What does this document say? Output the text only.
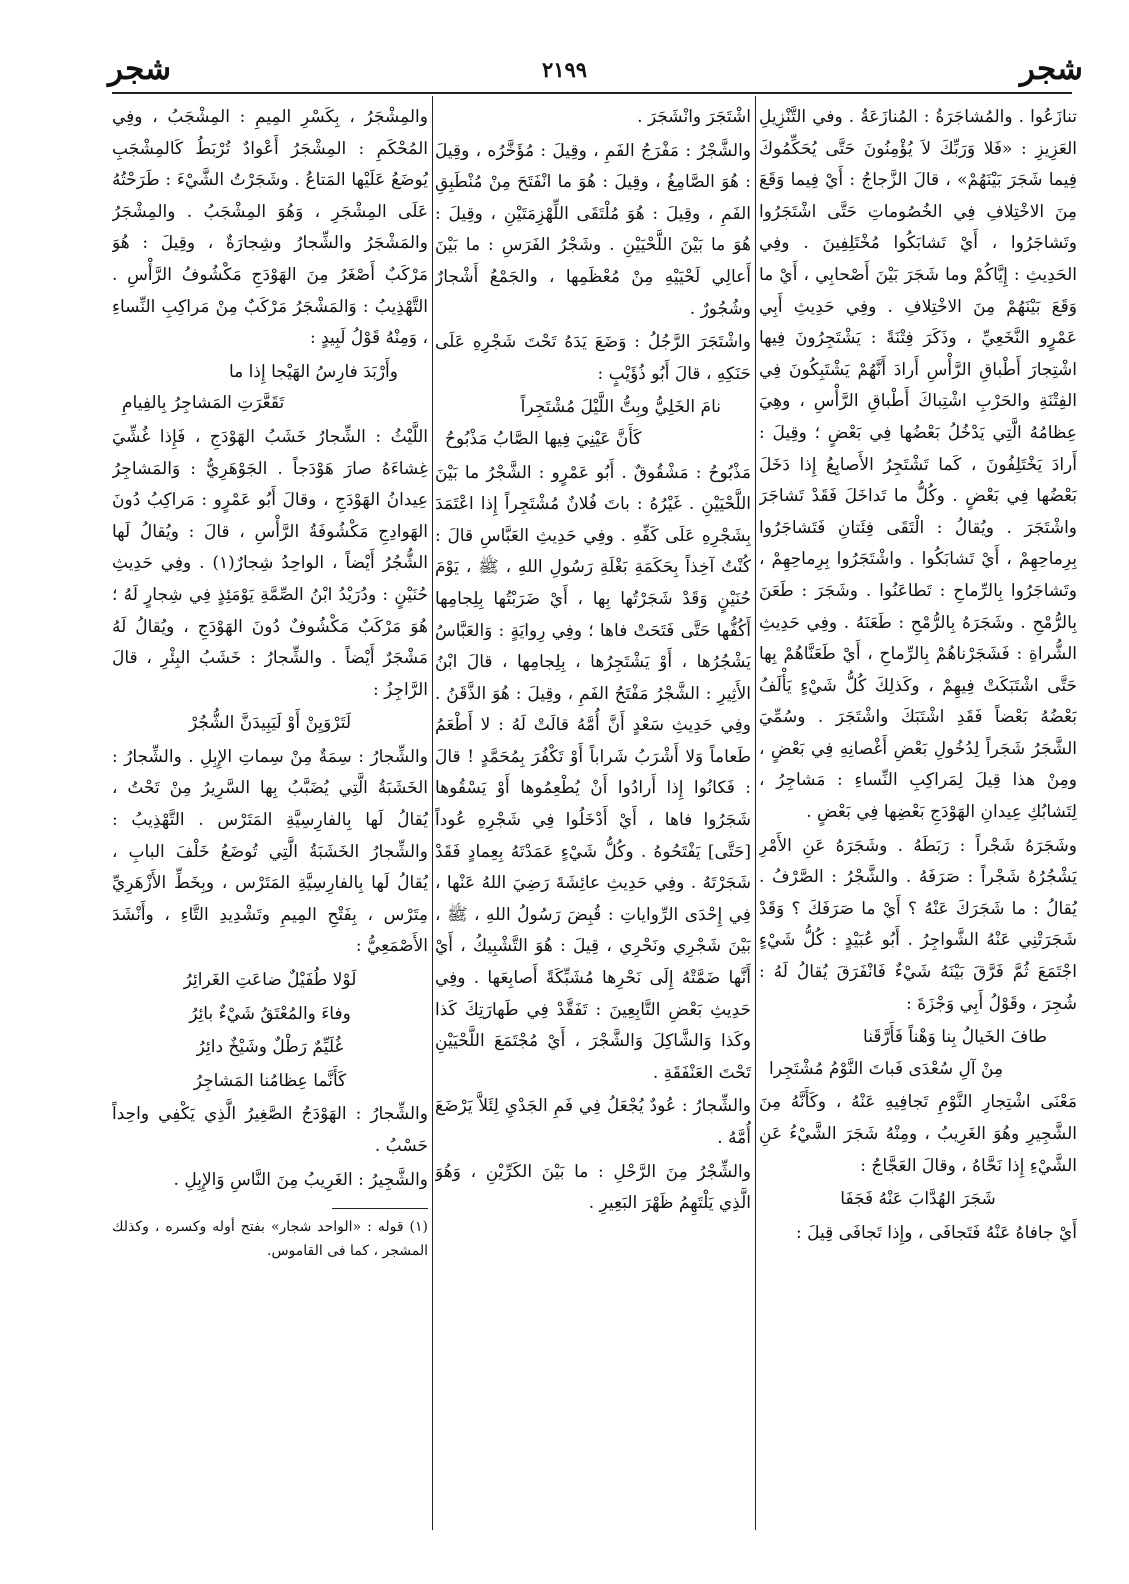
شجر
٢١٩٩
شجر

تنازَعُوا . والمُشاجَرَةُ : المُنازَعَةُ . وفي التَّنْزِيلِ العَزِيزِ : «فَلا وَرَبِّكَ لاَ يُؤْمِنُونَ حَتَّى يُحَكِّمُوكَ فِيما شَجَرَ بَيْنَهُمْ» ، قالَ الزَّجاجُ : أَيْ فِيما وَقَعَ مِنَ الاخْتِلافِ فِي الخُصُوماتِ حَتَّى اشْتَجَرُوا وتَشاجَرُوا ، أَيْ تَشابَكُوا مُخْتَلِفِينَ . وفِي الحَدِيثِ : إِيَّاكُمْ وما شَجَرَ بَيْنَ أَصْحابِي ، أَيْ ما وَقَعَ بَيْنَهُمْ مِنَ الاخْتِلافِ . وفِي حَدِيثِ أَبِي عَمْرٍو النَّخَعِيِّ ، وذَكَرَ فِتْنَةً : يَشْتَجِرُونَ فِيها اشْتِجارَ أَطْباقِ الرَّأْسِ أَرادَ أَنَّهُمْ يَشْتَبِكُونَ فِي الفِتْنَةِ والحَرْبِ اشْتِباكَ أَطْباقِ الرَّأْسِ ، وهِيَ عِظامُهُ الَّتِي يَدْخُلُ بَعْضُها فِي بَعْضٍ ؛ وقِيلَ : أَرادَ يَخْتَلِفُونَ ، كَما تَشْتَجِرُ الأَصابِعُ إِذا دَخَلَ بَعْضُها فِي بَعْضٍ . وكُلُّ ما تَداخَلَ فَقَدْ تَشاجَرَ واشْتَجَرَ . ويُقالُ : الْتَقَى فِئَتانِ فَتَشاجَرُوا بِرِماحِهِمْ ، أَيْ تَشابَكُوا . واشْتَجَرُوا بِرِماحِهِمْ ، وتَشاجَرُوا بِالرِّماحِ : تَطاعَنُوا . وشَجَرَ : طَعَنَ بِالرُّمْحِ . وشَجَرَهُ بِالرُّمْحِ : طَعَنَهُ . وفِي حَدِيثِ الشُّراةِ : فَشَجَرْناهُمْ بِالرِّماحِ ، أَيْ طَعَنَّاهُمْ بِها حَتَّى اشْتَبَكَتْ فِيهِمْ ، وكَذلِكَ كُلُّ شَيْءٍ يَأْلَفُ بَعْضُهُ بَعْضاً فَقَدِ اشْتَبَكَ واشْتَجَرَ . وسُمِّيَ الشَّجَرُ شَجَراً لِدُخُولِ بَعْضِ أَغْصانِهِ فِي بَعْضٍ ، ومِنْ هذا قِيلَ لِمَراكِبِ النِّساءِ : مَشاجِرُ ، لِتَشابُكِ عِيدانِ الهَوْدَجِ بَعْضِها فِي بَعْضٍ .

وشَجَرَهُ شَجْراً : رَبَطَهُ . وشَجَرَهُ عَنِ الأَمْرِ يَشْجُرُهُ شَجْراً : صَرَفَهُ . والشَّجْرُ : الصَّرْفُ . يُقالُ : ما شَجَرَكَ عَنْهُ ؟ أَيْ ما صَرَفَكَ ؟ وَقَدْ شَجَرَتْنِي عَنْهُ الشَّواجِرُ . أَبُو عُبَيْدٍ : كُلُّ شَيْءٍ اجْتَمَعَ ثُمَّ فَرَّقَ بَيْنَهُ شَيْءٌ فَانْفَرَقَ يُقالُ لَهُ : شُجِرَ ، وقَوْلُ أَبِي وَجْزَةَ :

طافَ الخَيالُ بِنا وَهْناً فَأَرَّقَنا
مِنْ آلِ سُعْدَى فَباتَ النَّوْمُ مُشْتَجِرا

مَعْنَى اشْتِجارِ النَّوْمِ تَجافِيهِ عَنْهُ ، وكَأَنَّهُ مِنَ الشَّجِيرِ وهُوَ الغَرِيبُ ، ومِنْهُ شَجَرَ الشَّيْءُ عَنِ الشَّيْءِ إِذا نَحَّاهُ ، وقالَ العَجَّاجُ :

شَجَرَ الهُدَّابَ عَنْهُ فَجَفَا

أَيْ جافاهُ عَنْهُ فَتَجافَى ، وإِذا تَجافَى قِيلَ :

اشْتَجَرَ وانْشَجَرَ .

والشَّجْرُ : مَفْرَجُ الفَمِ ، وقِيلَ : مُؤَخَّرُه ، وقِيلَ : هُوَ الصَّامِغُ ، وقِيلَ : هُوَ ما انْفَتَحَ مِنْ مُنْطَبِقِ الفَمِ ، وقِيلَ : هُوَ مُلْتَقَى اللِّهْزِمَتَيْنِ ، وقِيلَ : هُوَ ما بَيْنَ اللَّحْيَيْنِ . وشَجْرُ الفَرَسِ : ما بَيْنَ أَعالِي لَحْيَيْهِ مِنْ مُعْظَمِها ، والجَمْعُ أَشْجارٌ وشُجُورٌ .

واشْتَجَرَ الرَّجُلُ : وَضَعَ يَدَهُ تَحْتَ شَجْرِهِ عَلَى حَنَكِهِ ، قالَ أَبُو ذُؤَيْبٍ :

نامَ الخَلِيُّ وبِتُّ اللَّيْلَ مُشْتَجِراً
كَأَنَّ عَيْنِيَ فِيها الصَّابُ مَذْبُوحُ

مَذْبُوحُ : مَشْقُوقٌ . أَبُو عَمْرٍو : الشَّجْرُ ما بَيْنَ اللَّحْيَيْنِ . غَيْرُهُ : باتَ فُلانٌ مُشْتَجِراً إِذا اعْتَمَدَ بِشَجْرِهِ عَلَى كَفِّهِ . وفِي حَدِيثِ العَبَّاسِ قالَ : كُنْتُ آخِذاً بِحَكَمَةِ بَغْلَةِ رَسُولِ اللهِ ، ﷺ ، يَوْمَ حُنَيْنٍ وَقَدْ شَجَرْتُها بِها ، أَيْ ضَرَبْتُها بِلِجامِها أَكُفُّها حَتَّى فَتَحَتْ فاها ؛ وفِي رِوايَةٍ : وَالعَبَّاسُ يَشْجُرُها ، أَوْ يَشْتَجِرُها ، بِلِجامِها ، قالَ ابْنُ الأَثِيرِ : الشَّجْرُ مَفْتَحُ الفَمِ ، وقِيلَ : هُوَ الذَّقَنُ . وفِي حَدِيثِ سَعْدٍ أَنَّ أُمَّهُ قالَتْ لَهُ : لا أَطْعَمُ طَعاماً وَلا أَشْرَبُ شَراباً أَوْ تَكْفُرَ بِمُحَمَّدٍ ! قالَ : فَكانُوا إِذا أَرادُوا أَنْ يُطْعِمُوها أَوْ يَسْقُوها شَجَرُوا فاها ، أَيْ أَدْخَلُوا فِي شَجْرِهِ عُوداً [حَتَّى] يَفْتَحُوهُ . وكُلُّ شَيْءٍ عَمَدْتَهُ بِعِمادٍ فَقَدْ شَجَرْتَهُ . وفِي حَدِيثِ عائِشَةَ رَضِيَ اللهُ عَنْها ، فِي إِحْدَى الرِّواياتِ : قُبِضَ رَسُولُ اللهِ ، ﷺ ، بَيْنَ شَجْرِي ونَحْرِي ، قِيلَ : هُوَ التَّشْبِيكُ ، أَيْ أَنَّها ضَمَّتْهُ إِلَى نَحْرِها مُشَبِّكَةً أَصابِعَها . وفِي حَدِيثِ بَعْضِ التَّابِعِينَ : تَفَقَّدْ فِي طَهارَتِكَ كَذا وكَذا وَالشَّاكِلَ وَالشَّجْرَ ، أَيْ مُجْتَمَعَ اللَّحْيَيْنِ تَحْتَ العَنْفَقَةِ .

والشِّجارُ : عُودٌ يُجْعَلُ فِي فَمِ الجَدْيِ لِئَلاَّ يَرْضَعَ أُمَّهُ .

والشِّجْرُ مِنَ الرَّحْلِ : ما بَيْنَ الكَرِّيْنِ ، وَهُوَ الَّذِي يَلْتَهِمُ ظَهْرَ البَعِيرِ .

والمِشْجَرُ ، بِكَسْرِ المِيمِ : المِشْجَبُ ، وفِي المُحْكَمِ : المِشْجَرُ أَعْوادٌ تُرْبَطُ كَالمِشْجَبِ يُوضَعُ عَلَيْها المَتاعُ . وشَجَرْتُ الشَّيْءَ : طَرَحْتُهُ عَلَى المِشْجَرِ ، وَهُوَ المِشْجَبُ . والمِشْجَرُ والمَشْجَرُ والشِّجارُ وشِجارَةٌ ، وقِيلَ : هُوَ مَرْكَبٌ أَصْغَرُ مِنَ الهَوْدَجِ مَكْشُوفُ الرَّأْسِ . التَّهْذِيبُ : وَالمَشْجَرُ مَرْكَبٌ مِنْ مَراكِبِ النِّساءِ ، وَمِنْهُ قَوْلُ لَبِيدٍ :

وأَرْبَدَ فارِسُ الهَيْجا إِذا ما
تَقَعَّرَتِ المَشاجِرُ بِالفِيامِ

اللَّيْثُ : الشِّجارُ خَشَبُ الهَوْدَجِ ، فَإِذا غُشِّيَ غِشاءَهُ صارَ هَوْدَجاً . الجَوْهَرِيُّ : وَالمَشاجِرُ عِيدانُ الهَوْدَجِ ، وقالَ أَبُو عَمْرٍو : مَراكِبُ دُونَ الهَوادِجِ مَكْشُوفَةُ الرَّأْسِ ، قالَ : ويُقالُ لَها الشُّجُرُ أَيْضاً ، الواحِدُ شِجارٌ(١) . وفِي حَدِيثِ حُنَيْنٍ : ودُرَيْدُ ابْنُ الصِّمَّةِ يَوْمَئِذٍ فِي شِجارٍ لَهُ ؛ هُوَ مَرْكَبٌ مَكْشُوفٌ دُونَ الهَوْدَجِ ، ويُقالُ لَهُ مَشْجَرٌ أَيْضاً . والشِّجارُ : خَشَبُ البِئْرِ ، قالَ الرَّاجِزُ :

لَتَرْوَيِنْ أَوْ لَيَبِيدَنَّ الشُّجُرْ

والشِّجارُ : سِمَةٌ مِنْ سِماتِ الإِبِلِ . والشِّجارُ : الخَشَبَةُ الَّتِي يُضَبَّبُ بِها السَّرِيرُ مِنْ تَحْتُ ، يُقالُ لَها بِالفارِسِيَّةِ المَتَرْس . التَّهْذِيبُ : والشِّجارُ الخَشَبَةُ الَّتِي تُوضَعُ خَلْفَ البابِ ، يُقالُ لَها بِالفارِسِيَّةِ المَتَرْس ، وبِخَطِّ الأَزْهَرِيِّ مِتَرْس ، بِفَتْحِ المِيمِ وتَشْدِيدِ التَّاءِ ، وأَنْشَدَ الأَصْمَعِيُّ :

لَوْلا طُفَيْلٌ ضاعَتِ الغَرائِرُ
وفاءَ والمُعْتَقُ شَيْءٌ بائِرُ
غُلَيِّمٌ رَطْلٌ وشَيْخٌ دائِرُ
كَأَنَّما عِظامُنا المَشاجِرُ

والشِّجارُ : الهَوْدَجُ الصَّغِيرُ الَّذِي يَكْفِي واحِداً حَسْبُ .

والشَّجِيرُ : الغَرِيبُ مِنَ النَّاسِ وَالإِبِلِ .

(١) قوله : «الواحد شجار» بفتح أوله وكسره ، وكذلك المشجر ، كما فى القاموس.
